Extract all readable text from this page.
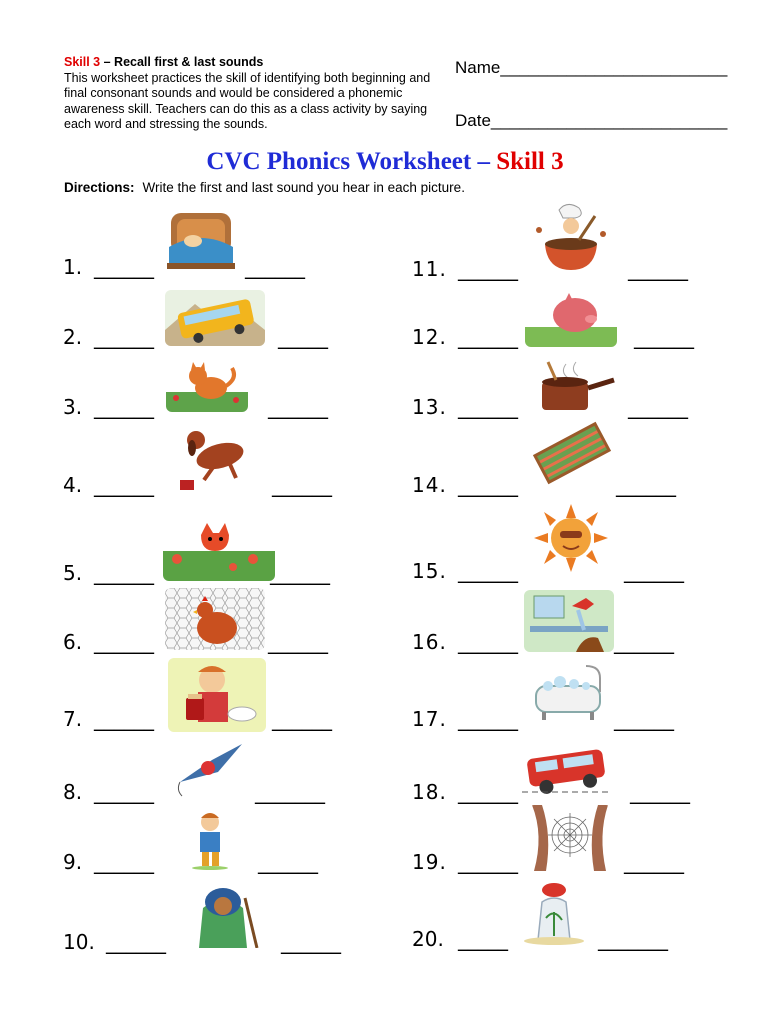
Skill 3 – Recall first & last sounds
This worksheet practices the skill of identifying both beginning and final consonant sounds and would be considered a phonemic awareness skill. Teachers can do this as a class activity by saying each word and stressing the sounds.
Name________________________
Date_________________________
CVC Phonics Worksheet – Skill 3
Directions: Write the first and last sound you hear in each picture.
1. ______	______
2. ______	_____
3. ______	______
4. ______	______
5. ______	______
6. ______	______
7. ______	______
8. ______	_______
9. ______	______
10. ______	______
11. ______	______
12. ______	______
13. ______	______
14. ______	______
15. ______	______
16. ______	______
17. ______	______
18. ______	______
19. ______	______
20. _____	_______
